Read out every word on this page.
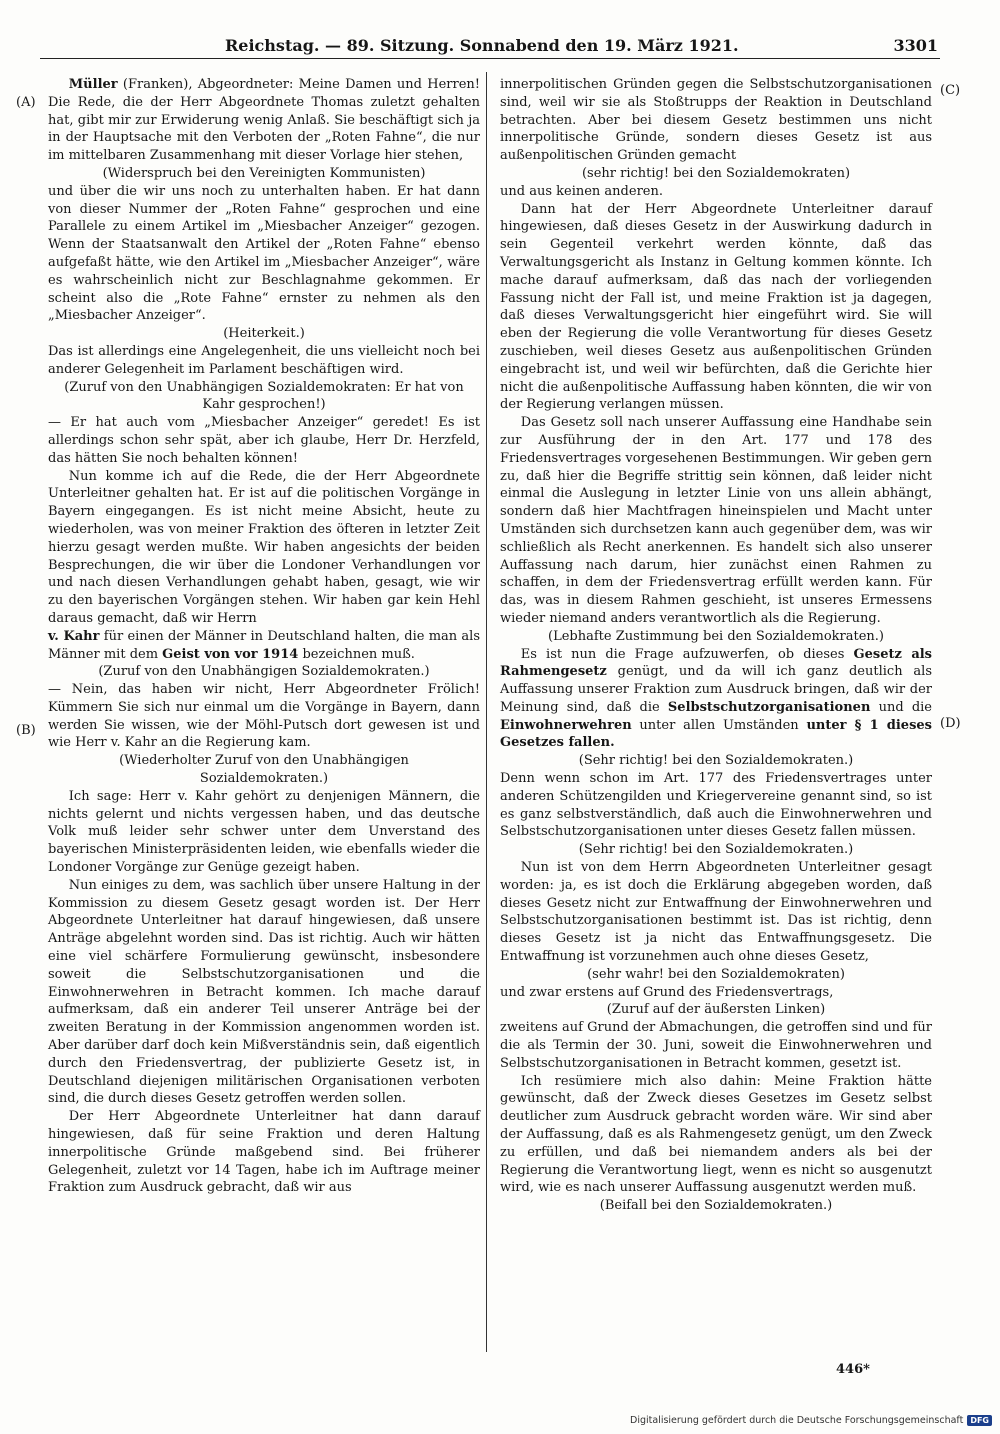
Reichstag. — 89. Sitzung. Sonnabend den 19. März 1921.	3301
(A)
(B)
(C)
(D)

Müller (Franken), Abgeordneter: Meine Damen und Herren! Die Rede, die der Herr Abgeordnete Thomas zuletzt gehalten hat, gibt mir zur Erwiderung wenig Anlaß. Sie beschäftigt sich ja in der Hauptsache mit den Verboten der „Roten Fahne“, die nur im mittelbaren Zusammenhang mit dieser Vorlage hier stehen,

(Widerspruch bei den Vereinigten Kommunisten)

und über die wir uns noch zu unterhalten haben. Er hat dann von dieser Nummer der „Roten Fahne“ gesprochen und eine Parallele zu einem Artikel im „Miesbacher Anzeiger“ gezogen. Wenn der Staatsanwalt den Artikel der „Roten Fahne“ ebenso aufgefaßt hätte, wie den Artikel im „Miesbacher Anzeiger“, wäre es wahrscheinlich nicht zur Beschlagnahme gekommen. Er scheint also die „Rote Fahne“ ernster zu nehmen als den „Miesbacher Anzeiger“.

(Heiterkeit.)

Das ist allerdings eine Angelegenheit, die uns vielleicht noch bei anderer Gelegenheit im Parlament beschäftigen wird.

(Zuruf von den Unabhängigen Sozialdemokraten: Er hat von Kahr gesprochen!)

— Er hat auch vom „Miesbacher Anzeiger“ geredet! Es ist allerdings schon sehr spät, aber ich glaube, Herr Dr. Herzfeld, das hätten Sie noch behalten können!

Nun komme ich auf die Rede, die der Herr Abgeordnete Unterleitner gehalten hat. Er ist auf die politischen Vorgänge in Bayern eingegangen. Es ist nicht meine Absicht, heute zu wiederholen, was von meiner Fraktion des öfteren in letzter Zeit hierzu gesagt werden mußte. Wir haben angesichts der beiden Besprechungen, die wir über die Londoner Verhandlungen vor und nach diesen Verhandlungen gehabt haben, gesagt, wie wir zu den bayerischen Vorgängen stehen. Wir haben gar kein Hehl daraus gemacht, daß wir Herrn

v. Kahr für einen der Männer in Deutschland halten, die man als Männer mit dem Geist von vor 1914 bezeichnen muß.

(Zuruf von den Unabhängigen Sozialdemokraten.)

— Nein, das haben wir nicht, Herr Abgeordneter Frölich! Kümmern Sie sich nur einmal um die Vorgänge in Bayern, dann werden Sie wissen, wie der Möhl-Putsch dort gewesen ist und wie Herr v. Kahr an die Regierung kam.

(Wiederholter Zuruf von den Unabhängigen Sozialdemokraten.)

Ich sage: Herr v. Kahr gehört zu denjenigen Männern, die nichts gelernt und nichts vergessen haben, und das deutsche Volk muß leider sehr schwer unter dem Unverstand des bayerischen Ministerpräsidenten leiden, wie ebenfalls wieder die Londoner Vorgänge zur Genüge gezeigt haben.

Nun einiges zu dem, was sachlich über unsere Haltung in der Kommission zu diesem Gesetz gesagt worden ist. Der Herr Abgeordnete Unterleitner hat darauf hingewiesen, daß unsere Anträge abgelehnt worden sind. Das ist richtig. Auch wir hätten eine viel schärfere Formulierung gewünscht, insbesondere soweit die Selbstschutzorganisationen und die Einwohnerwehren in Betracht kommen. Ich mache darauf aufmerksam, daß ein anderer Teil unserer Anträge bei der zweiten Beratung in der Kommission angenommen worden ist. Aber darüber darf doch kein Mißverständnis sein, daß eigentlich durch den Friedensvertrag, der publizierte Gesetz ist, in Deutschland diejenigen militärischen Organisationen verboten sind, die durch dieses Gesetz getroffen werden sollen.

Der Herr Abgeordnete Unterleitner hat dann darauf hingewiesen, daß für seine Fraktion und deren Haltung innerpolitische Gründe maßgebend sind. Bei früherer Gelegenheit, zuletzt vor 14 Tagen, habe ich im Auftrage meiner Fraktion zum Ausdruck gebracht, daß wir aus

innerpolitischen Gründen gegen die Selbstschutzorganisationen sind, weil wir sie als Stoßtrupps der Reaktion in Deutschland betrachten. Aber bei diesem Gesetz bestimmen uns nicht innerpolitische Gründe, sondern dieses Gesetz ist aus außenpolitischen Gründen gemacht

(sehr richtig! bei den Sozialdemokraten)

und aus keinen anderen.

Dann hat der Herr Abgeordnete Unterleitner darauf hingewiesen, daß dieses Gesetz in der Auswirkung dadurch in sein Gegenteil verkehrt werden könnte, daß das Verwaltungsgericht als Instanz in Geltung kommen könnte. Ich mache darauf aufmerksam, daß das nach der vorliegenden Fassung nicht der Fall ist, und meine Fraktion ist ja dagegen, daß dieses Verwaltungsgericht hier eingeführt wird. Sie will eben der Regierung die volle Verantwortung für dieses Gesetz zuschieben, weil dieses Gesetz aus außenpolitischen Gründen eingebracht ist, und weil wir befürchten, daß die Gerichte hier nicht die außenpolitische Auffassung haben könnten, die wir von der Regierung verlangen müssen.

Das Gesetz soll nach unserer Auffassung eine Handhabe sein zur Ausführung der in den Art. 177 und 178 des Friedensvertrages vorgesehenen Bestimmungen. Wir geben gern zu, daß hier die Begriffe strittig sein können, daß leider nicht einmal die Auslegung in letzter Linie von uns allein abhängt, sondern daß hier Machtfragen hineinspielen und Macht unter Umständen sich durchsetzen kann auch gegenüber dem, was wir schließlich als Recht anerkennen. Es handelt sich also unserer Auffassung nach darum, hier zunächst einen Rahmen zu schaffen, in dem der Friedensvertrag erfüllt werden kann. Für das, was in diesem Rahmen geschieht, ist unseres Ermessens wieder niemand anders verantwortlich als die Regierung.

(Lebhafte Zustimmung bei den Sozialdemokraten.)

Es ist nun die Frage aufzuwerfen, ob dieses Gesetz als Rahmengesetz genügt, und da will ich ganz deutlich als Auffassung unserer Fraktion zum Ausdruck bringen, daß wir der Meinung sind, daß die Selbstschutzorganisationen und die Einwohnerwehren unter allen Umständen unter § 1 dieses Gesetzes fallen.

(Sehr richtig! bei den Sozialdemokraten.)

Denn wenn schon im Art. 177 des Friedensvertrages unter anderen Schützengilden und Kriegervereine genannt sind, so ist es ganz selbstverständlich, daß auch die Einwohnerwehren und Selbstschutzorganisationen unter dieses Gesetz fallen müssen.

(Sehr richtig! bei den Sozialdemokraten.)

Nun ist von dem Herrn Abgeordneten Unterleitner gesagt worden: ja, es ist doch die Erklärung abgegeben worden, daß dieses Gesetz nicht zur Entwaffnung der Einwohnerwehren und Selbstschutzorganisationen bestimmt ist. Das ist richtig, denn dieses Gesetz ist ja nicht das Entwaffnungsgesetz. Die Entwaffnung ist vorzunehmen auch ohne dieses Gesetz,

(sehr wahr! bei den Sozialdemokraten)

und zwar erstens auf Grund des Friedensvertrags,

(Zuruf auf der äußersten Linken)

zweitens auf Grund der Abmachungen, die getroffen sind und für die als Termin der 30. Juni, soweit die Einwohnerwehren und Selbstschutzorganisationen in Betracht kommen, gesetzt ist.

Ich resümiere mich also dahin: Meine Fraktion hätte gewünscht, daß der Zweck dieses Gesetzes im Gesetz selbst deutlicher zum Ausdruck gebracht worden wäre. Wir sind aber der Auffassung, daß es als Rahmengesetz genügt, um den Zweck zu erfüllen, und daß bei niemandem anders als bei der Regierung die Verantwortung liegt, wenn es nicht so ausgenutzt wird, wie es nach unserer Auffassung ausgenutzt werden muß.

(Beifall bei den Sozialdemokraten.)

446*
Digitalisierung gefördert durch die Deutsche Forschungsgemeinschaft DFG
